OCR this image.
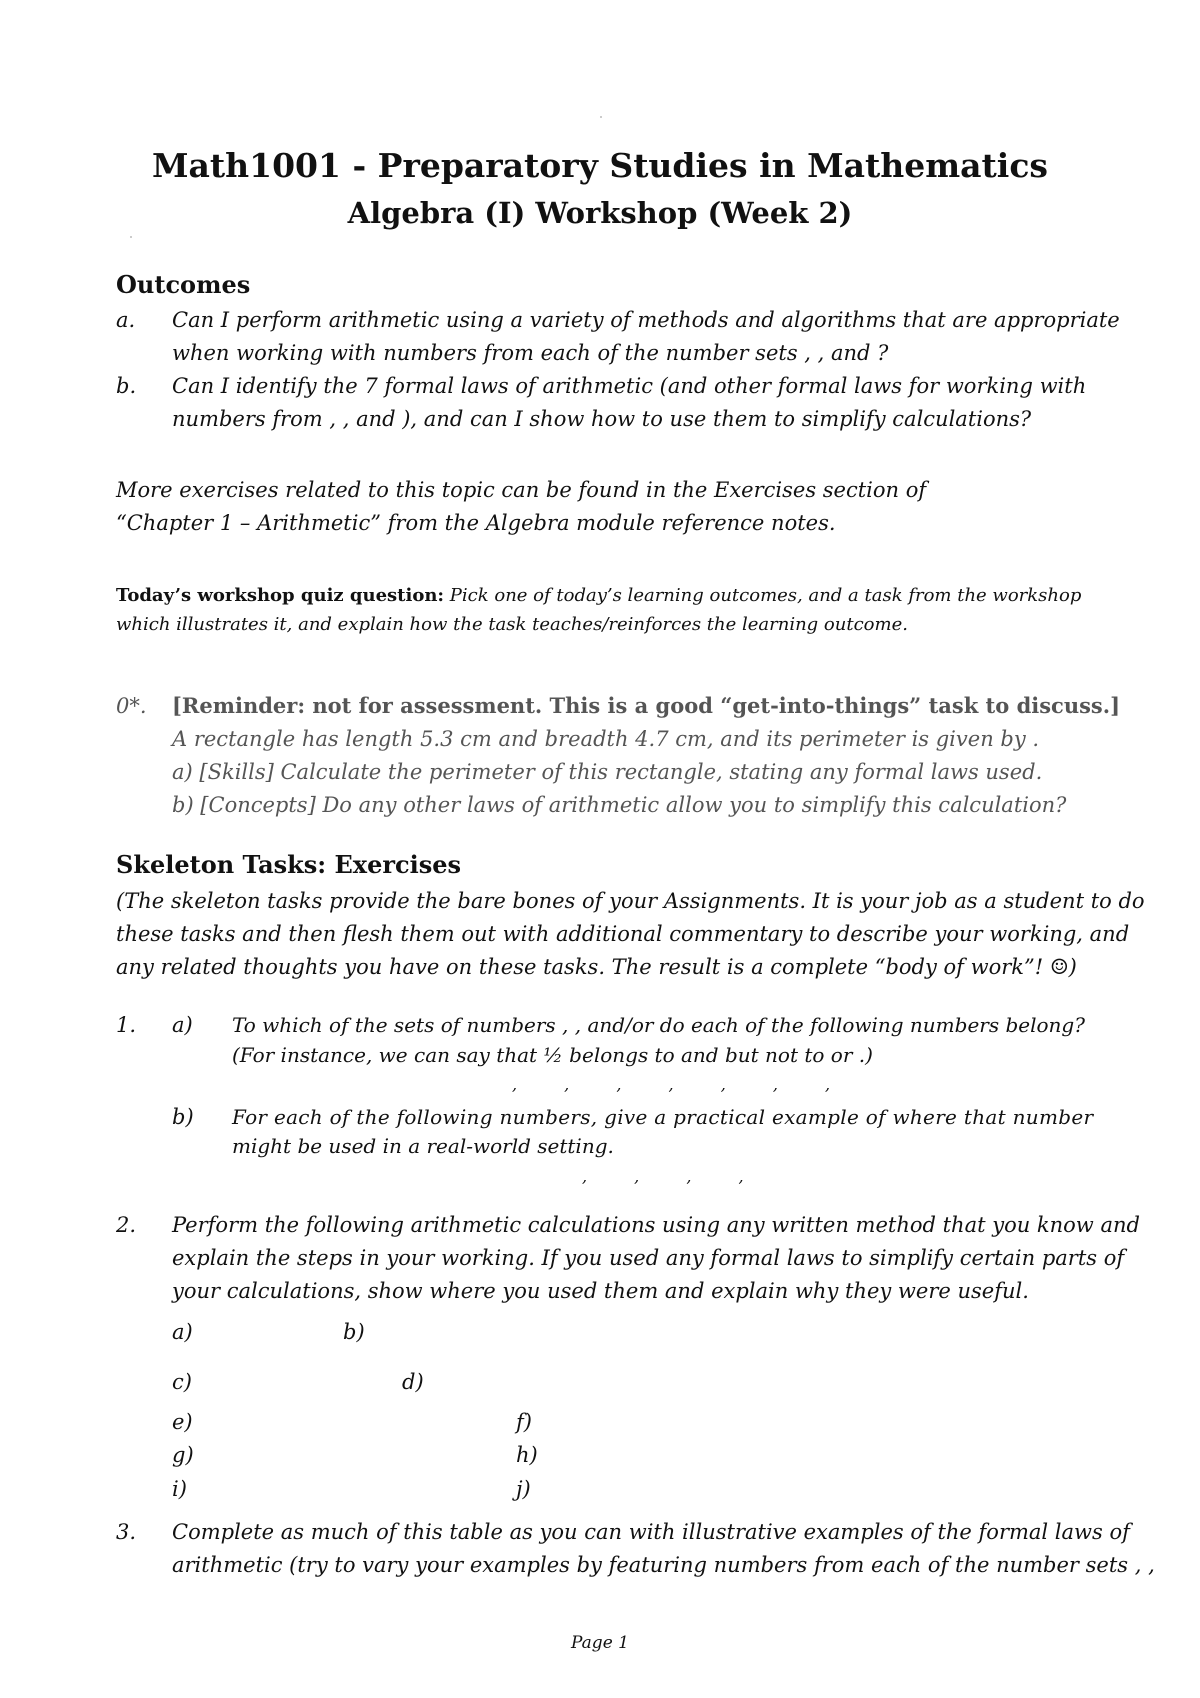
Math1001 - Preparatory Studies in Mathematics
Algebra (I) Workshop (Week 2)
Outcomes
a. Can I perform arithmetic using a variety of methods and algorithms that are appropriate
when working with numbers from each of the number sets , , and ?
b. Can I identify the 7 formal laws of arithmetic (and other formal laws for working with
numbers from , , and ), and can I show how to use them to simplify calculations?
More exercises related to this topic can be found in the Exercises section of
“Chapter 1 – Arithmetic” from the Algebra module reference notes.
Today’s workshop quiz question: Pick one of today’s learning outcomes, and a task from the workshop
which illustrates it, and explain how the task teaches/reinforces the learning outcome.
0*. [Reminder: not for assessment. This is a good “get-into-things” task to discuss.]
A rectangle has length 5.3 cm and breadth 4.7 cm, and its perimeter is given by .
a) [Skills] Calculate the perimeter of this rectangle, stating any formal laws used.
b) [Concepts] Do any other laws of arithmetic allow you to simplify this calculation?
Skeleton Tasks: Exercises
(The skeleton tasks provide the bare bones of your Assignments. It is your job as a student to do
these tasks and then flesh them out with additional commentary to describe your working, and
any related thoughts you have on these tasks. The result is a complete “body of work”! ☺)
1. a) To which of the sets of numbers , , and/or do each of the following numbers belong?
(For instance, we can say that ½ belongs to and but not to or .)
, , , , , , ,
b) For each of the following numbers, give a practical example of where that number
might be used in a real-world setting.
, , , ,
2. Perform the following arithmetic calculations using any written method that you know and
explain the steps in your working. If you used any formal laws to simplify certain parts of
your calculations, show where you used them and explain why they were useful.
a)	b)
c)	d)
e)	f)
g)	h)
i)	j)
3. Complete as much of this table as you can with illustrative examples of the formal laws of
arithmetic (try to vary your examples by featuring numbers from each of the number sets , ,
Page 1
